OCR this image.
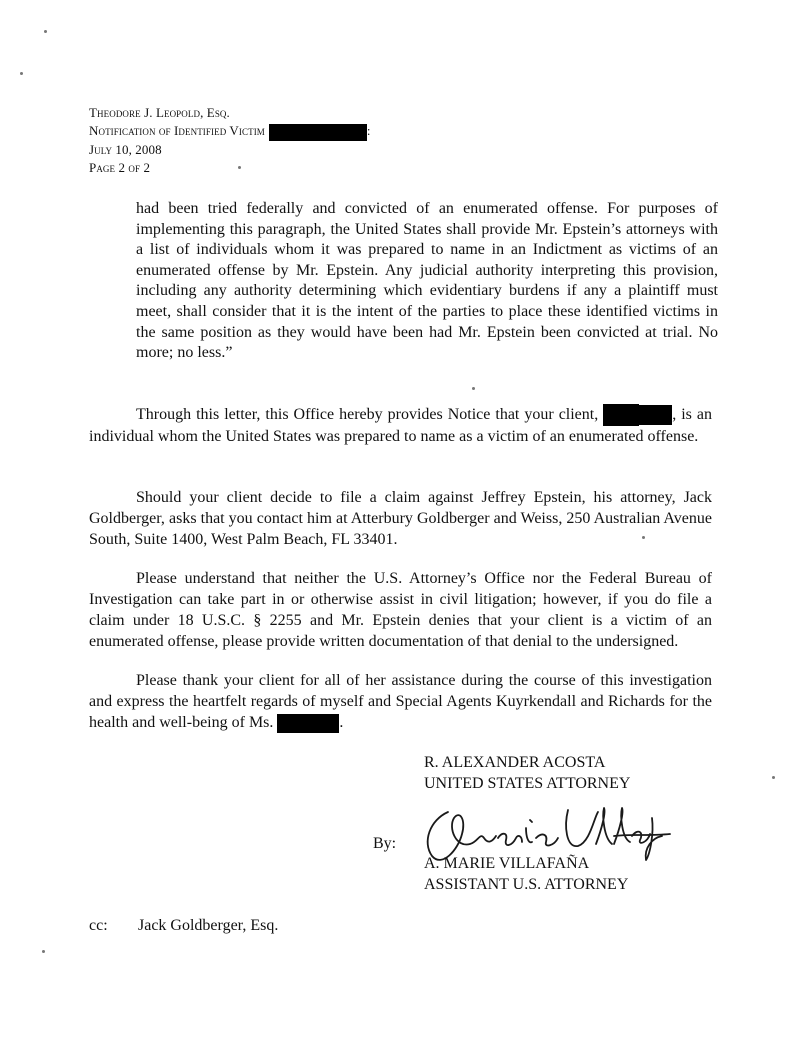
Theodore J. Leopold, Esq.
Notification of Identified Victim	:
July 10, 2008
Page 2 of 2
had been tried federally and convicted of an enumerated offense. For purposes of implementing this paragraph, the United States shall provide Mr. Epstein’s attorneys with a list of individuals whom it was prepared to name in an Indictment as victims of an enumerated offense by Mr. Epstein. Any judicial authority interpreting this provision, including any authority determining which evidentiary burdens if any a plaintiff must meet, shall consider that it is the intent of the parties to place these identified victims in the same position as they would have been had Mr. Epstein been convicted at trial. No more; no less.”
Through this letter, this Office hereby provides Notice that your client,	, is an individual whom the United States was prepared to name as a victim of an enumerated offense.
Should your client decide to file a claim against Jeffrey Epstein, his attorney, Jack Goldberger, asks that you contact him at Atterbury Goldberger and Weiss, 250 Australian Avenue South, Suite 1400, West Palm Beach, FL 33401.
Please understand that neither the U.S. Attorney’s Office nor the Federal Bureau of Investigation can take part in or otherwise assist in civil litigation; however, if you do file a claim under 18 U.S.C. § 2255 and Mr. Epstein denies that your client is a victim of an enumerated offense, please provide written documentation of that denial to the undersigned.
Please thank your client for all of her assistance during the course of this investigation and express the heartfelt regards of myself and Special Agents Kuyrkendall and Richards for the health and well-being of Ms.	.
R. ALEXANDER ACOSTA
UNITED STATES ATTORNEY
By:
A. MARIE VILLAFAÑA
ASSISTANT U.S. ATTORNEY
cc: Jack Goldberger, Esq.
